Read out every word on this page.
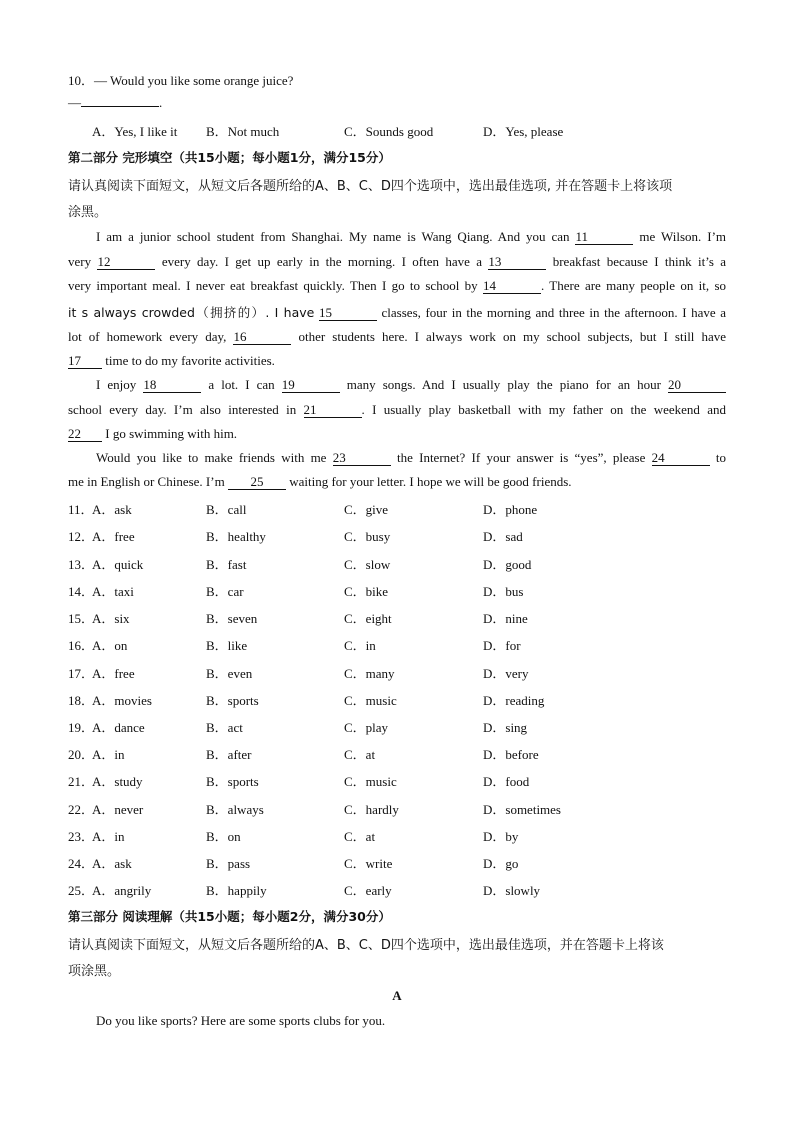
10．— Would you like some orange juice?
—	.
A．Yes, I like it B．Not much	C．Sounds good	D．Yes, please
第二部分 完形填空（共15小题；每小题1分，满分15分）
请认真阅读下面短文，从短文后各题所给的A、B、C、D四个选项中，选出最佳选项, 并在答题卡上将该项
涂黑。
I am a junior school student from Shanghai. My name is Wang Qiang. And you can 11	me Wilson. I’m
very 12	every day. I get up early in the morning. I often have a 13	breakfast because I think it’s a
very important meal. I never eat breakfast quickly. Then I go to school by 14	. There are many people on it, so
it s always crowded（拥挤的）. I have 15	classes, four in the morning and three in the afternoon. I have a
lot of homework every day, 16	other students here. I always work on my school subjects, but I still have
17 time to do my favorite activities.
I enjoy 18	a lot. I can 19	many songs. And I usually play the piano for an hour 20
school every day. I’m also interested in 21	. I usually play basketball with my father on the weekend and
22 I go swimming with him.
Would you like to make friends with me 23	the Internet? If your answer is “yes”, please 24	to
me in English or Chinese. I’m 25 waiting for your letter. I hope we will be good friends.
11．
A．ask	B．call	C．give	D．phone
12．
A．free	B．healthy	C．busy	D．sad
13．
A．quick	B．fast	C．slow	D．good
14．
A．taxi	B．car	C．bike	D．bus
15．
A．six	B．seven	C．eight	D．nine
16．
A．on	B．like	C．in	D．for
17．
A．free	B．even	C．many	D．very
18．
A．movies	B．sports	C．music	D．reading
19．
A．dance	B．act	C．play	D．sing
20．
A．in	B．after	C．at	D．before
21．
A．study	B．sports	C．music	D．food
22．
A．never	B．always	C．hardly	D．sometimes
23．
A．in	B．on	C．at	D．by
24．
A．ask	B．pass	C．write	D．go
25．
A．angrily	B．happily	C．early	D．slowly
第三部分 阅读理解（共15小题；每小题2分，满分30分）
请认真阅读下面短文，从短文后各题所给的A、B、C、D四个选项中，选出最佳选项，并在答题卡上将该
项涂黑。
A
Do you like sports? Here are some sports clubs for you.
